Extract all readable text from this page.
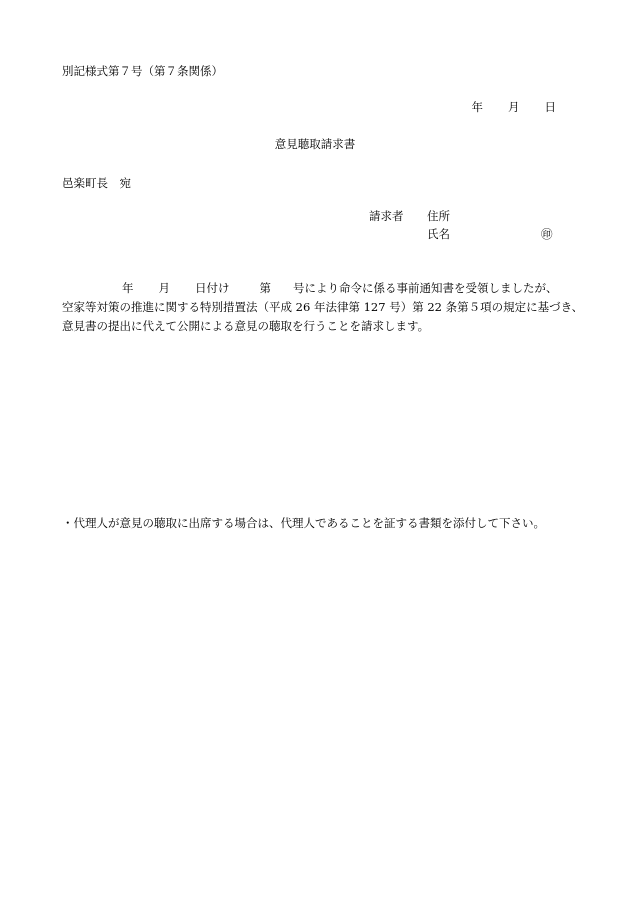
別記様式第７号（第７条関係）
年 月 日
意見聴取請求書
邑楽町長　宛
請求者 住所
氏名	㊞
年 月 日付け	第 号により命令に係る事前通知書を受領しましたが、
空家等対策の推進に関する特別措置法（平成 26 年法律第 127 号）第 22 条第５項の規定に基づき、
意見書の提出に代えて公開による意見の聴取を行うことを請求します。
・代理人が意見の聴取に出席する場合は、代理人であることを証する書類を添付して下さい。
